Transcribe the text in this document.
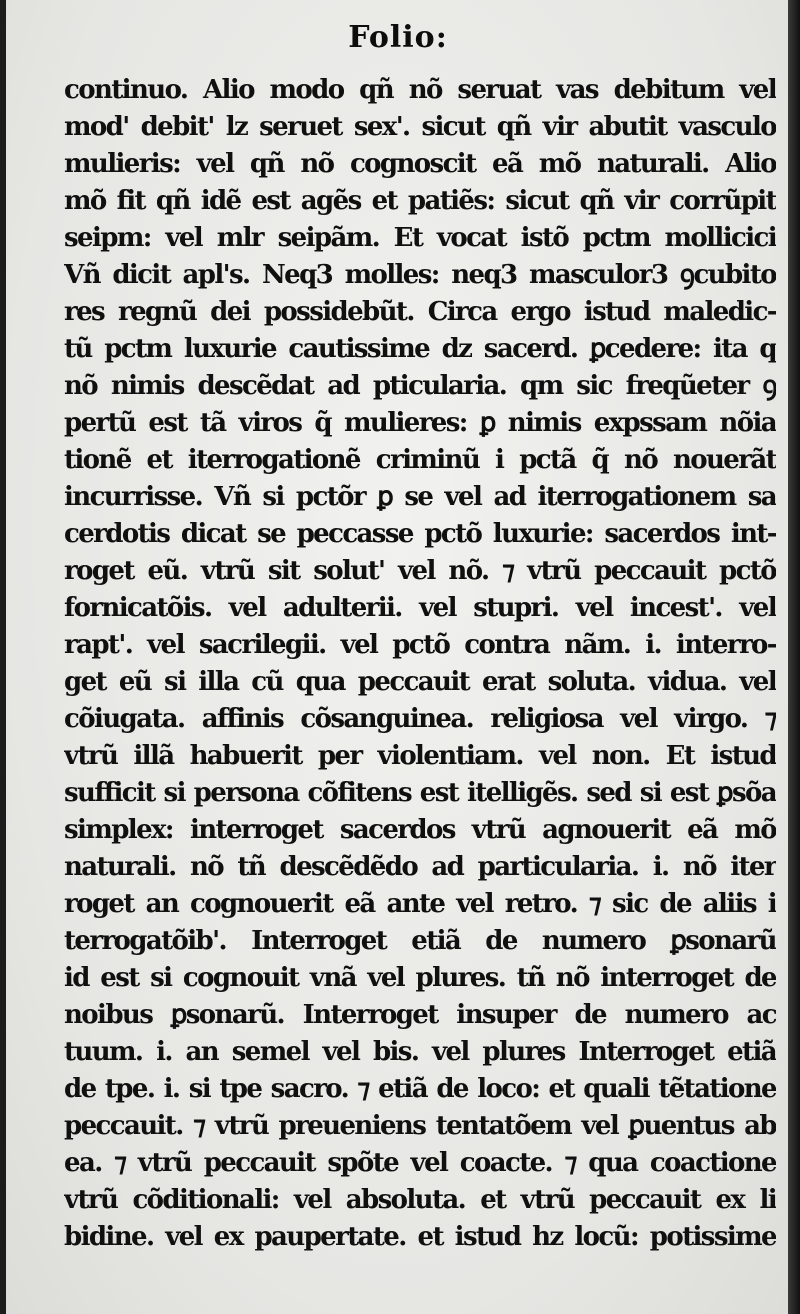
Folio:
continuo. Alio modo qñ nõ seruat vas debitum vel
mod' debit' lz seruet sex'. sicut qñ vir abutit vasculo
mulieris: vel qñ nõ cognoscit eã mõ naturali. Alio
mõ fit qñ idẽ est agẽs et patiẽs: sicut qñ vir corrũpit
seipm: vel mlr seipãm. Et vocat istõ pctm mollicici
Vñ dicit apl's. Neq3 molles: neq3 masculor3 ꝯcubito
res regnũ dei possidebũt. Circa ergo istud maledic-
tũ pctm luxurie cautissime dz sacerd. ꝑcedere: ita q
nõ nimis descẽdat ad pticularia. qm sic freqũeter ꝯ
pertũ est tã viros q̃ mulieres: ꝑ nimis expssam nõia
tionẽ et iterrogationẽ criminũ i pctã q̃ nõ nouerãt
incurrisse. Vñ si pctõr ꝑ se vel ad iterrogationem sa
cerdotis dicat se peccasse pctõ luxurie: sacerdos int-
roget eũ. vtrũ sit solut' vel nõ. ⁊ vtrũ peccauit pctõ
fornicatõis. vel adulterii. vel stupri. vel incest'. vel
rapt'. vel sacrilegii. vel pctõ contra nãm. i. interro-
get eũ si illa cũ qua peccauit erat soluta. vidua. vel
cõiugata. affinis cõsanguinea. religiosa vel virgo. ⁊
vtrũ illã habuerit per violentiam. vel non. Et istud
sufficit si persona cõfitens est itelligẽs. sed si est ꝑsõa
simplex: interroget sacerdos vtrũ agnouerit eã mõ
naturali. nõ tñ descẽdẽdo ad particularia. i. nõ iter
roget an cognouerit eã ante vel retro. ⁊ sic de aliis i
terrogatõib'. Interroget etiã de numero ꝑsonarũ
id est si cognouit vnã vel plures. tñ nõ interroget de
noibus ꝑsonarũ. Interroget insuper de numero ac
tuum. i. an semel vel bis. vel plures Interroget etiã
de tpe. i. si tpe sacro. ⁊ etiã de loco: et quali tẽtatione
peccauit. ⁊ vtrũ preueniens tentatõem vel ꝑuentus ab
ea. ⁊ vtrũ peccauit spõte vel coacte. ⁊ qua coactione
vtrũ cõditionali: vel absoluta. et vtrũ peccauit ex li
bidine. vel ex paupertate. et istud hz locũ: potissime
